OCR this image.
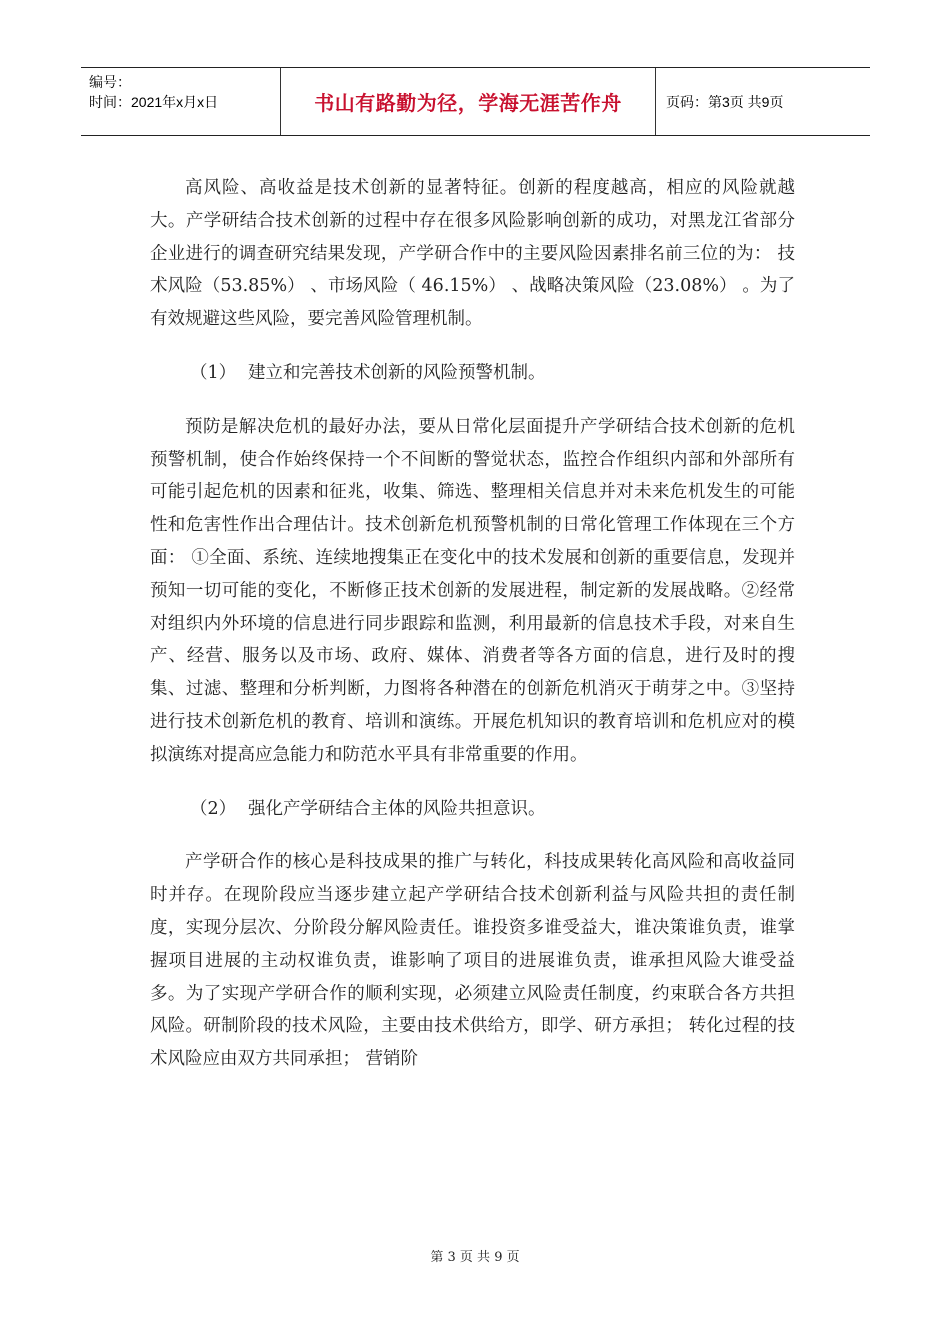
编号：
时间：2021年x月x日	书山有路勤为径，学海无涯苦作舟	页码：第3页 共9页

高风险、高收益是技术创新的显著特征。创新的程度越高，相应的风险就越大。产学研结合技术创新的过程中存在很多风险影响创新的成功，对黑龙江省部分企业进行的调查研究结果发现，产学研合作中的主要风险因素排名前三位的为： 技术风险（53.85%） 、市场风险（ 46.15%） 、战略决策风险（23.08%） 。为了有效规避这些风险，要完善风险管理机制。

（1） 建立和完善技术创新的风险预警机制。

预防是解决危机的最好办法，要从日常化层面提升产学研结合技术创新的危机预警机制，使合作始终保持一个不间断的警觉状态，监控合作组织内部和外部所有可能引起危机的因素和征兆，收集、筛选、整理相关信息并对未来危机发生的可能性和危害性作出合理估计。技术创新危机预警机制的日常化管理工作体现在三个方面： ①全面、系统、连续地搜集正在变化中的技术发展和创新的重要信息，发现并预知一切可能的变化，不断修正技术创新的发展进程，制定新的发展战略。②经常对组织内外环境的信息进行同步跟踪和监测，利用最新的信息技术手段，对来自生产、经营、服务以及市场、政府、媒体、消费者等各方面的信息，进行及时的搜集、过滤、整理和分析判断，力图将各种潜在的创新危机消灭于萌芽之中。③坚持进行技术创新危机的教育、培训和演练。开展危机知识的教育培训和危机应对的模拟演练对提高应急能力和防范水平具有非常重要的作用。

（2） 强化产学研结合主体的风险共担意识。

产学研合作的核心是科技成果的推广与转化，科技成果转化高风险和高收益同时并存。在现阶段应当逐步建立起产学研结合技术创新利益与风险共担的责任制度，实现分层次、分阶段分解风险责任。谁投资多谁受益大，谁决策谁负责，谁掌握项目进展的主动权谁负责，谁影响了项目的进展谁负责，谁承担风险大谁受益多。为了实现产学研合作的顺利实现，必须建立风险责任制度，约束联合各方共担风险。研制阶段的技术风险，主要由技术供给方，即学、研方承担； 转化过程的技术风险应由双方共同承担； 营销阶

第 3 页 共 9 页
